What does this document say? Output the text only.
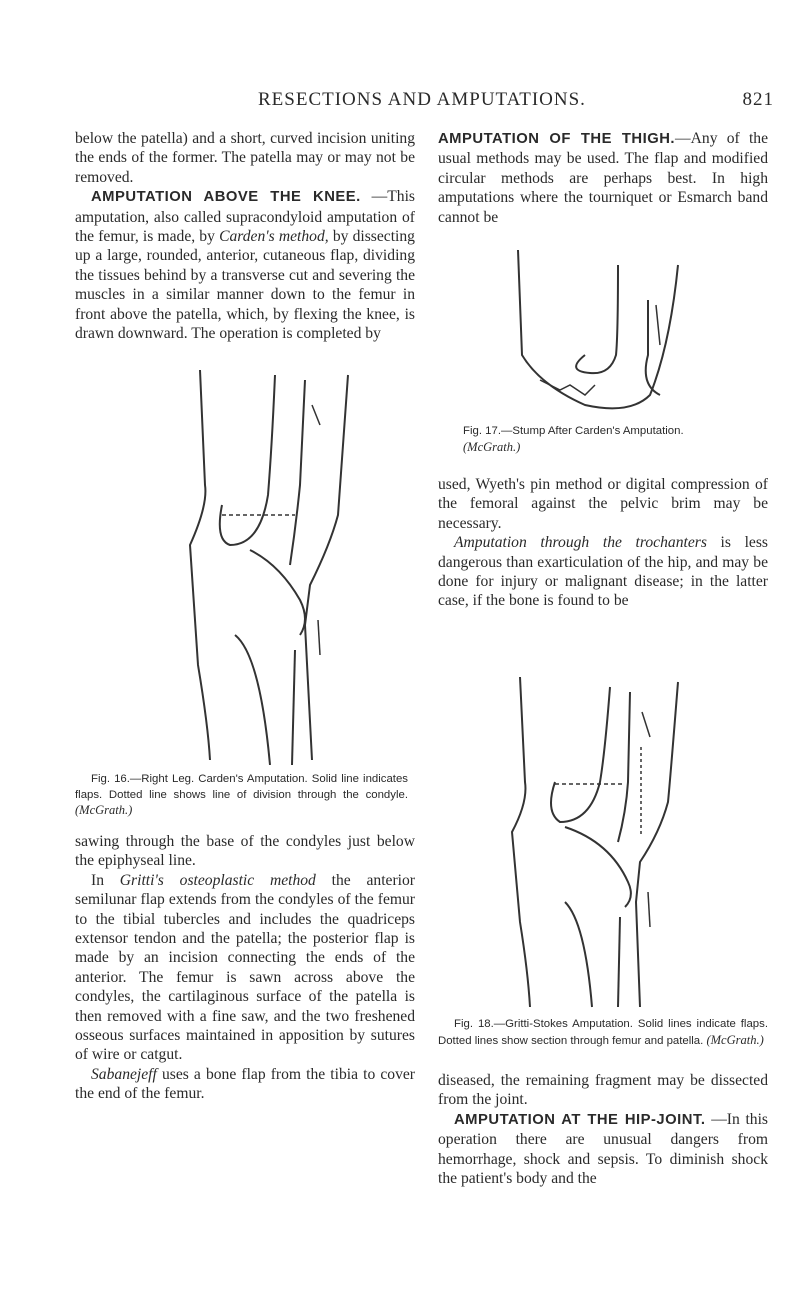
RESECTIONS AND AMPUTATIONS.	821

below the patella) and a short, curved incision uniting the ends of the former. The patella may or may not be removed.

AMPUTATION ABOVE THE KNEE. —This amputation, also called supracondyloid amputation of the femur, is made, by Carden's method, by dissecting up a large, rounded, anterior, cutaneous flap, dividing the tissues behind by a transverse cut and severing the muscles in a similar manner down to the femur in front above the patella, which, by flexing the knee, is drawn downward. The operation is completed by

Fig. 16.—Right Leg. Carden's Amputation. Solid line indicates flaps. Dotted line shows line of division through the condyle. (McGrath.)

sawing through the base of the condyles just below the epiphyseal line.

In Gritti's osteoplastic method the anterior semilunar flap extends from the condyles of the femur to the tibial tubercles and includes the quadriceps extensor tendon and the patella; the posterior flap is made by an incision connecting the ends of the anterior. The femur is sawn across above the condyles, the cartilaginous surface of the patella is then removed with a fine saw, and the two freshened osseous surfaces maintained in apposition by sutures of wire or catgut.

Sabanejeff uses a bone flap from the tibia to cover the end of the femur.

AMPUTATION OF THE THIGH.—Any of the usual methods may be used. The flap and modified circular methods are perhaps best. In high amputations where the tourniquet or Esmarch band cannot be

Fig. 17.—Stump After Carden's Amputation.
(McGrath.)

used, Wyeth's pin method or digital compression of the femoral against the pelvic brim may be necessary.

Amputation through the trochanters is less dangerous than exarticulation of the hip, and may be done for injury or malignant disease; in the latter case, if the bone is found to be

Fig. 18.—Gritti-Stokes Amputation. Solid lines indicate flaps. Dotted lines show section through femur and patella. (McGrath.)

diseased, the remaining fragment may be dissected from the joint.

AMPUTATION AT THE HIP-JOINT. —In this operation there are unusual dangers from hemorrhage, shock and sepsis. To diminish shock the patient's body and the
